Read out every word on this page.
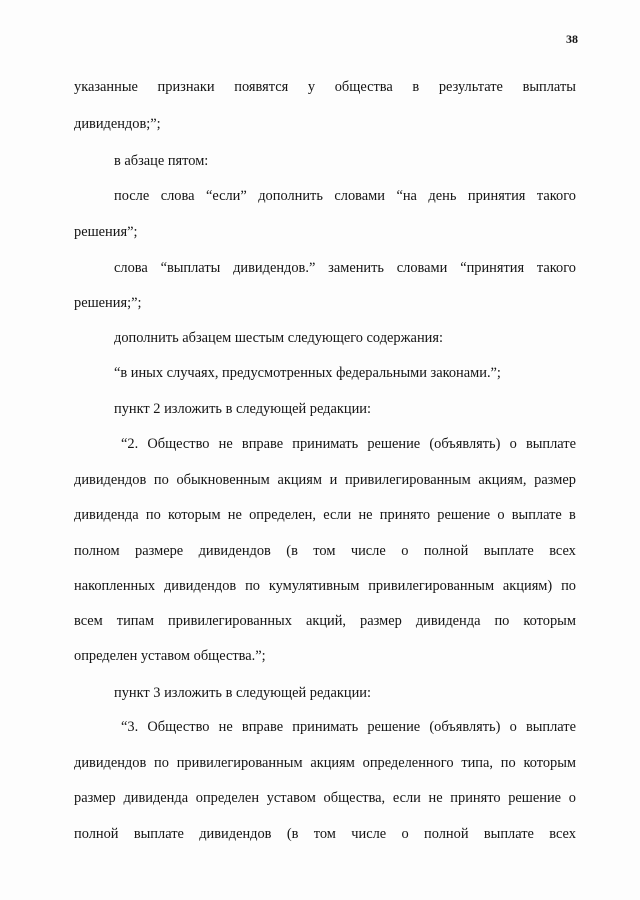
38
указанные признаки появятся у общества в результате выплаты
дивидендов;”;
в абзаце пятом:
после слова “если” дополнить словами “на день принятия такого
решения”;
слова “выплаты дивидендов.” заменить словами “принятия такого
решения;”;
дополнить абзацем шестым следующего содержания:
“в иных случаях, предусмотренных федеральными законами.”;
пункт 2 изложить в следующей редакции:
“2. Общество не вправе принимать решение (объявлять) о выплате
дивидендов по обыкновенным акциям и привилегированным акциям, размер
дивиденда по которым не определен, если не принято решение о выплате в
полном размере дивидендов (в том числе о полной выплате всех
накопленных дивидендов по кумулятивным привилегированным акциям) по
всем типам привилегированных акций, размер дивиденда по которым
определен уставом общества.”;
пункт 3 изложить в следующей редакции:
“3. Общество не вправе принимать решение (объявлять) о выплате
дивидендов по привилегированным акциям определенного типа, по которым
размер дивиденда определен уставом общества, если не принято решение о
полной выплате дивидендов (в том числе о полной выплате всех
